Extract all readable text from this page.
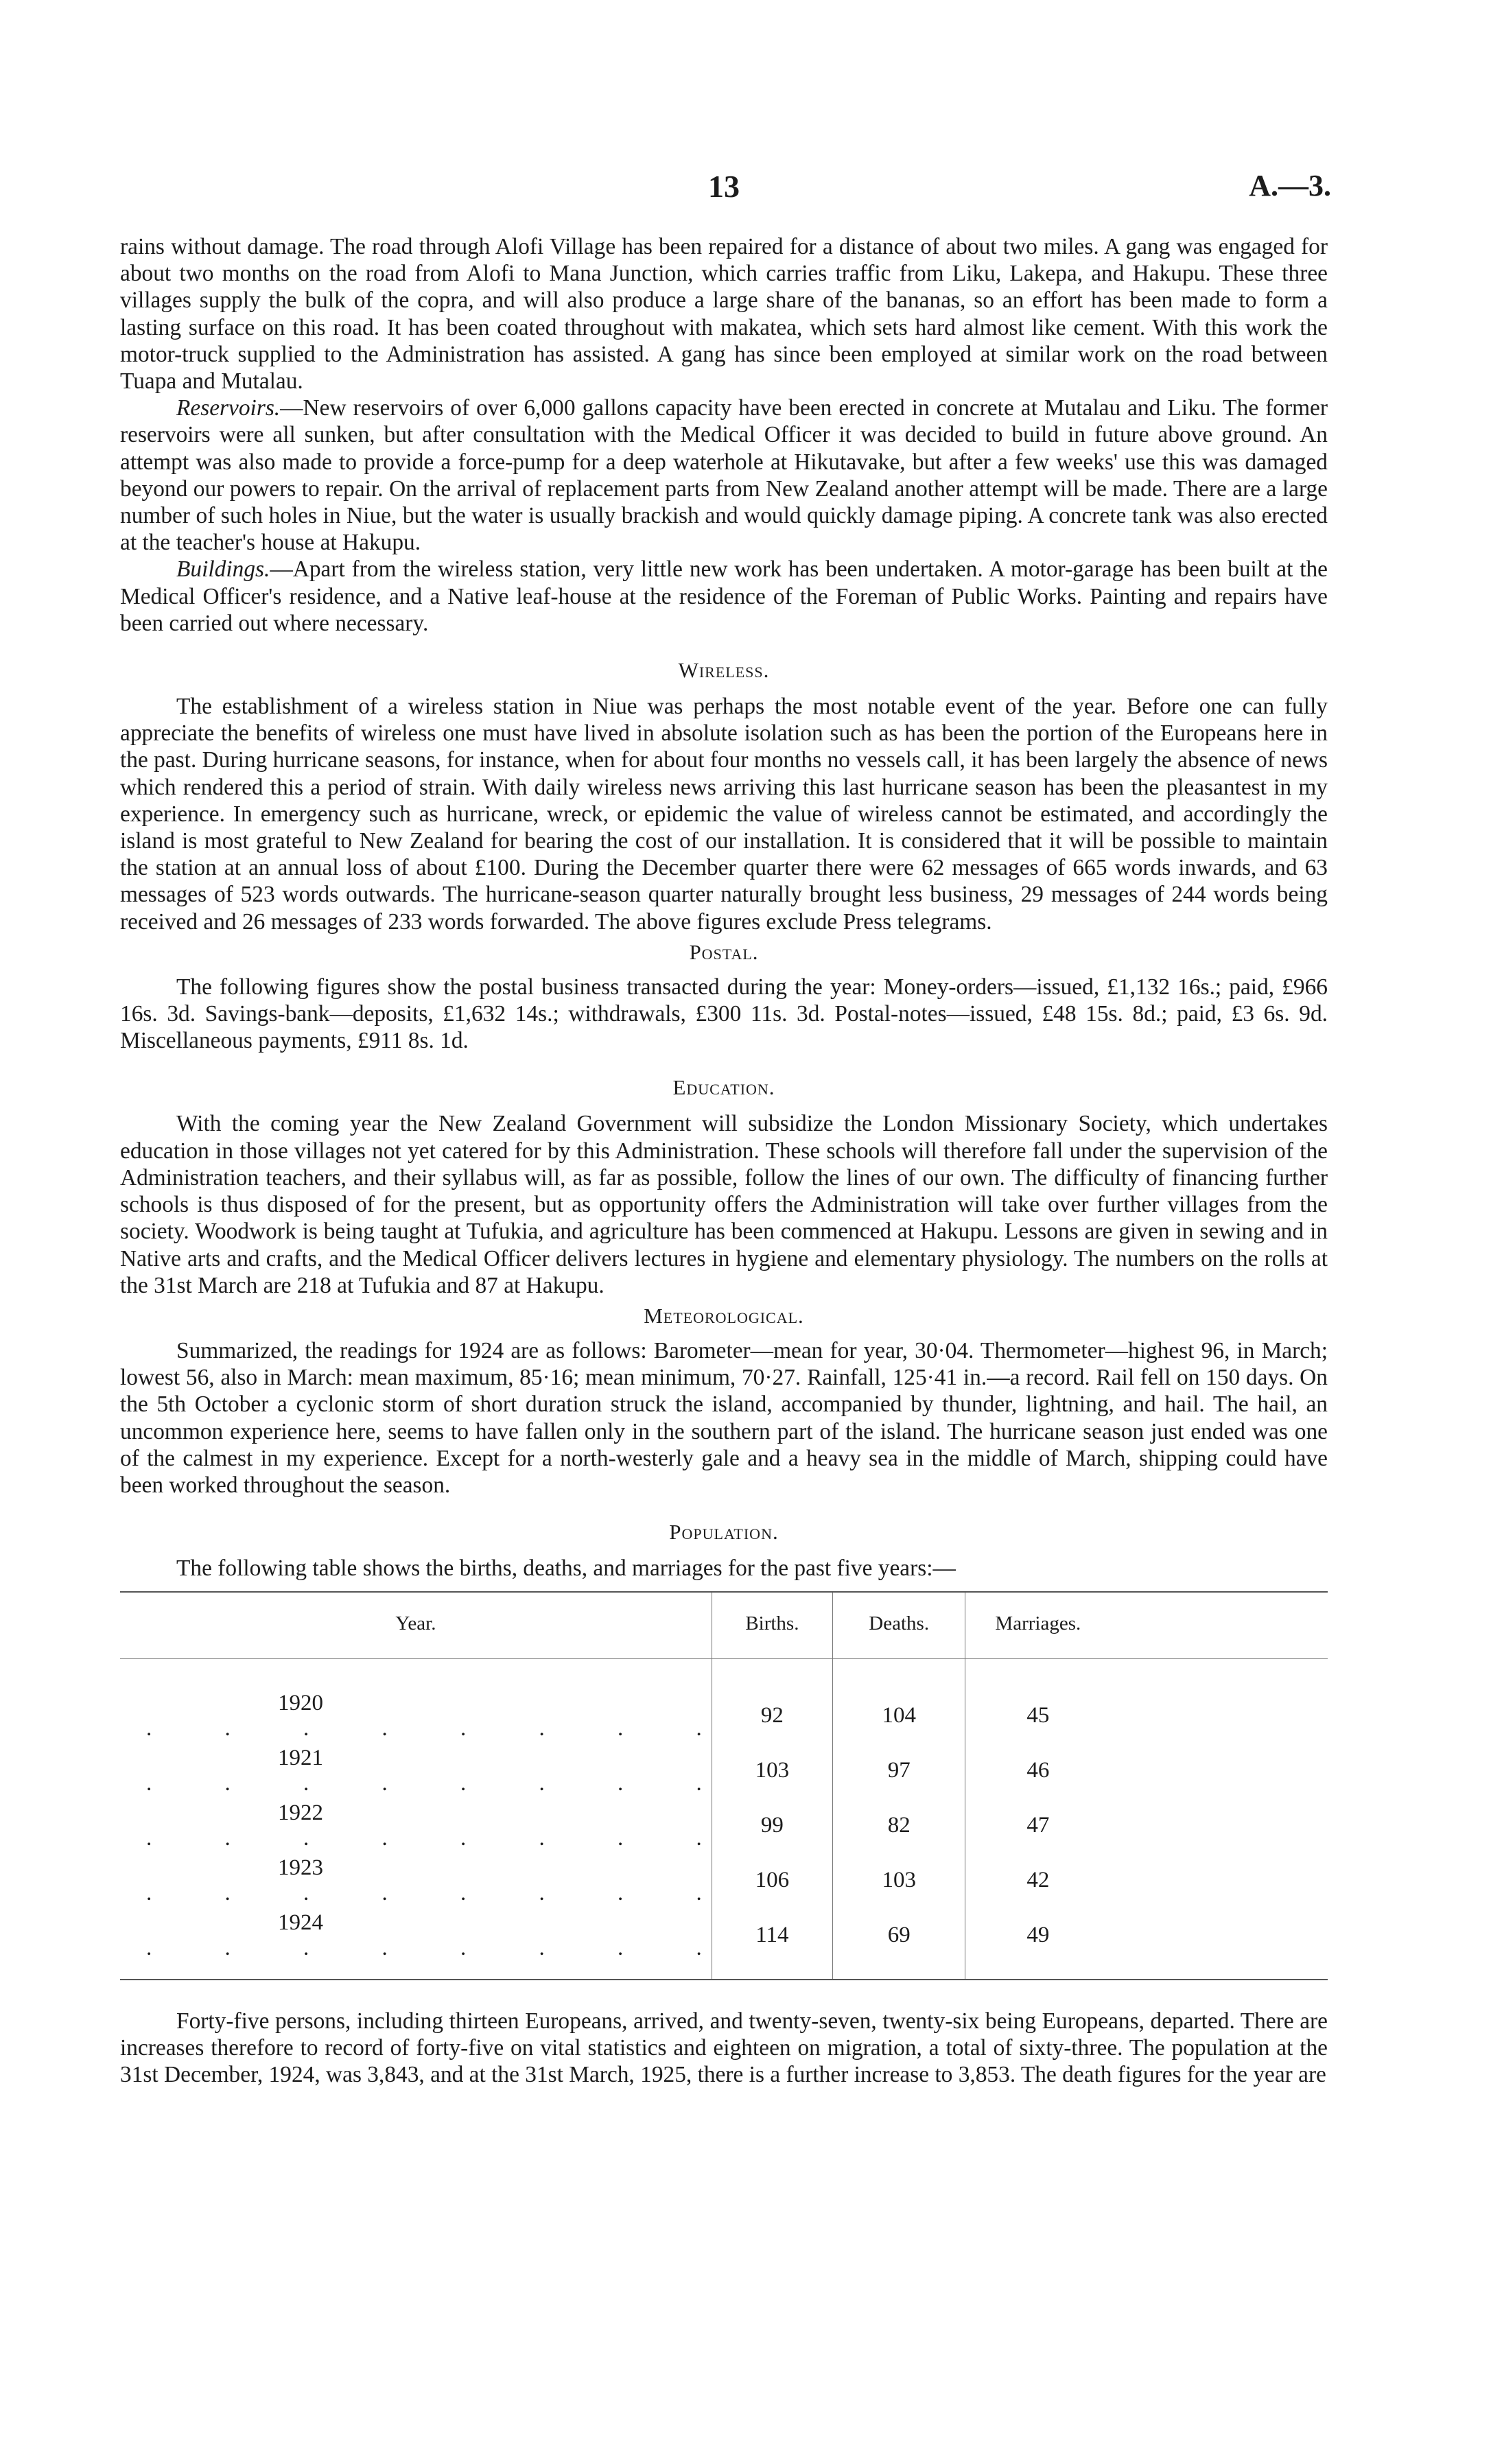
13	A.—3.

rains without damage. The road through Alofi Village has been repaired for a distance of about two miles. A gang was engaged for about two months on the road from Alofi to Mana Junction, which carries traffic from Liku, Lakepa, and Hakupu. These three villages supply the bulk of the copra, and will also produce a large share of the bananas, so an effort has been made to form a lasting surface on this road. It has been coated throughout with makatea, which sets hard almost like cement. With this work the motor-truck supplied to the Administration has assisted. A gang has since been employed at similar work on the road between Tuapa and Mutalau.

Reservoirs.—New reservoirs of over 6,000 gallons capacity have been erected in concrete at Mutalau and Liku. The former reservoirs were all sunken, but after consultation with the Medical Officer it was decided to build in future above ground. An attempt was also made to provide a force-pump for a deep waterhole at Hikutavake, but after a few weeks' use this was damaged beyond our powers to repair. On the arrival of replacement parts from New Zealand another attempt will be made. There are a large number of such holes in Niue, but the water is usually brackish and would quickly damage piping. A concrete tank was also erected at the teacher's house at Hakupu.

Buildings.—Apart from the wireless station, very little new work has been undertaken. A motor-garage has been built at the Medical Officer's residence, and a Native leaf-house at the residence of the Foreman of Public Works. Painting and repairs have been carried out where necessary.

Wireless.

The establishment of a wireless station in Niue was perhaps the most notable event of the year. Before one can fully appreciate the benefits of wireless one must have lived in absolute isolation such as has been the portion of the Europeans here in the past. During hurricane seasons, for instance, when for about four months no vessels call, it has been largely the absence of news which rendered this a period of strain. With daily wireless news arriving this last hurricane season has been the pleasantest in my experience. In emergency such as hurricane, wreck, or epidemic the value of wireless cannot be estimated, and accordingly the island is most grateful to New Zealand for bearing the cost of our installation. It is considered that it will be possible to maintain the station at an annual loss of about £100. During the December quarter there were 62 messages of 665 words inwards, and 63 messages of 523 words outwards. The hurricane-season quarter naturally brought less business, 29 messages of 244 words being received and 26 messages of 233 words forwarded. The above figures exclude Press telegrams.

Postal.

The following figures show the postal business transacted during the year: Money-orders—issued, £1,132 16s.; paid, £966 16s. 3d. Savings-bank—deposits, £1,632 14s.; withdrawals, £300 11s. 3d. Postal-notes—issued, £48 15s. 8d.; paid, £3 6s. 9d. Miscellaneous payments, £911 8s. 1d.

Education.

With the coming year the New Zealand Government will subsidize the London Missionary Society, which undertakes education in those villages not yet catered for by this Administration. These schools will therefore fall under the supervision of the Administration teachers, and their syllabus will, as far as possible, follow the lines of our own. The difficulty of financing further schools is thus disposed of for the present, but as opportunity offers the Administration will take over further villages from the society. Woodwork is being taught at Tufukia, and agriculture has been commenced at Hakupu. Lessons are given in sewing and in Native arts and crafts, and the Medical Officer delivers lectures in hygiene and elementary physiology. The numbers on the rolls at the 31st March are 218 at Tufukia and 87 at Hakupu.

Meteorological.

Summarized, the readings for 1924 are as follows: Barometer—mean for year, 30·04. Thermometer—highest 96, in March; lowest 56, also in March: mean maximum, 85·16; mean minimum, 70·27. Rainfall, 125·41 in.—a record. Rail fell on 150 days. On the 5th October a cyclonic storm of short duration struck the island, accompanied by thunder, lightning, and hail. The hail, an uncommon experience here, seems to have fallen only in the southern part of the island. The hurricane season just ended was one of the calmest in my experience. Except for a north-westerly gale and a heavy sea in the middle of March, shipping could have been worked throughout the season.

Population.

The following table shows the births, deaths, and marriages for the past five years:—

Year.	Births.	Deaths.	Marriages.	
1920. . . . . . . .	92	104	45	
1921. . . . . . . .	103	97	46	
1922. . . . . . . .	99	82	47	
1923. . . . . . . .	106	103	42	
1924. . . . . . . .	114	69	49	

Forty-five persons, including thirteen Europeans, arrived, and twenty-seven, twenty-six being Europeans, departed. There are increases therefore to record of forty-five on vital statistics and eighteen on migration, a total of sixty-three. The population at the 31st December, 1924, was 3,843, and at the 31st March, 1925, there is a further increase to 3,853. The death figures for the year are
